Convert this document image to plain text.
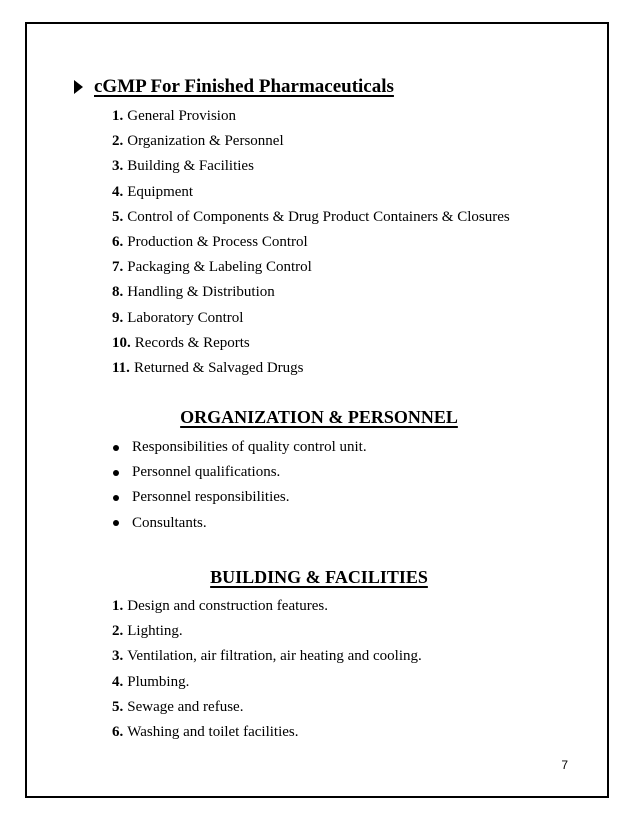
cGMP For Finished Pharmaceuticals
1. General Provision
2. Organization & Personnel
3. Building & Facilities
4. Equipment
5. Control of Components & Drug Product Containers & Closures
6. Production & Process Control
7. Packaging & Labeling Control
8. Handling & Distribution
9. Laboratory Control
10. Records & Reports
11. Returned & Salvaged Drugs
ORGANIZATION & PERSONNEL
Responsibilities of quality control unit.
Personnel qualifications.
Personnel responsibilities.
Consultants.
BUILDING & FACILITIES
1. Design and construction features.
2. Lighting.
3. Ventilation, air filtration, air heating and cooling.
4. Plumbing.
5. Sewage and refuse.
6. Washing and toilet facilities.
7
